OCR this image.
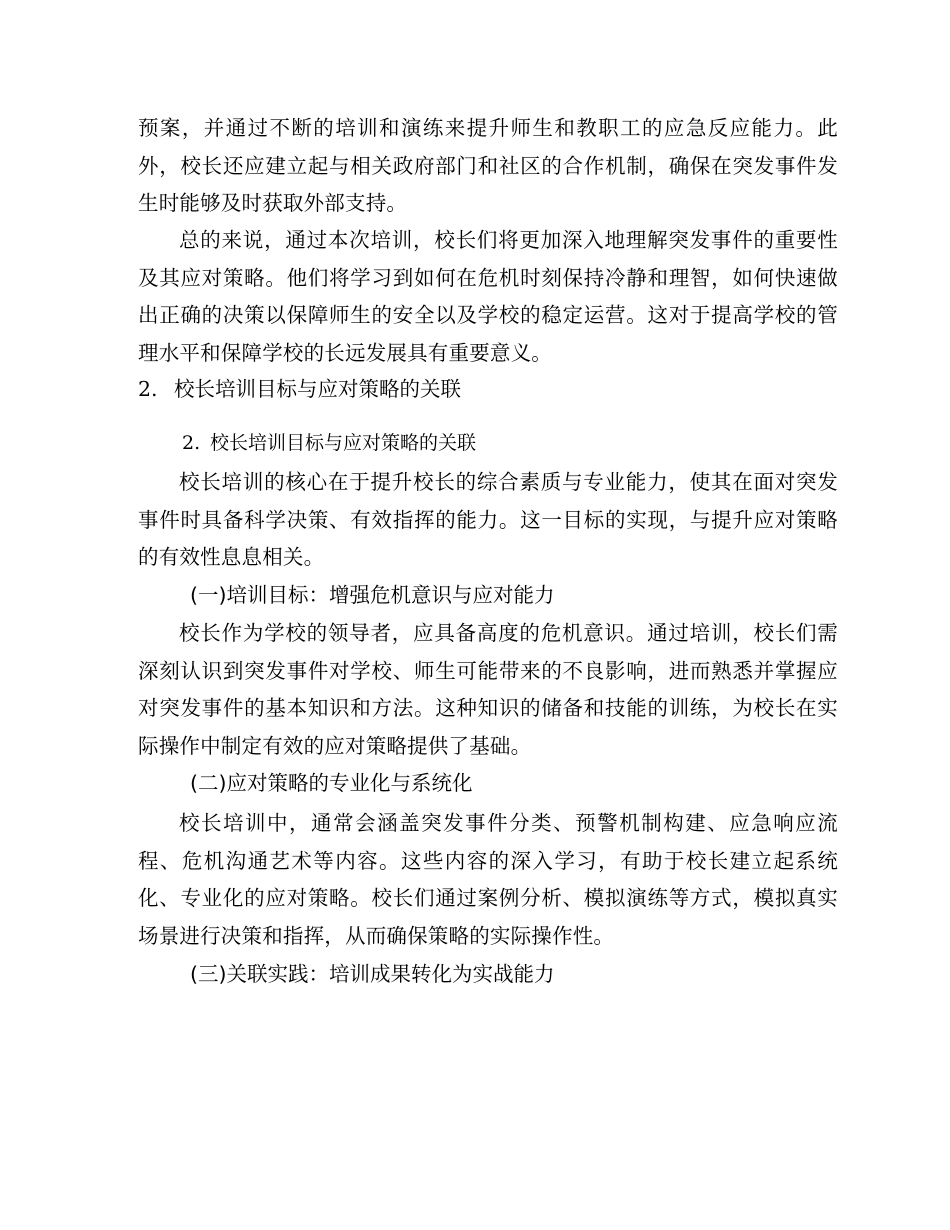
预案，并通过不断的培训和演练来提升师生和教职工的应急反应能力。此外，校长还应建立起与相关政府部门和社区的合作机制，确保在突发事件发生时能够及时获取外部支持。

总的来说，通过本次培训，校长们将更加深入地理解突发事件的重要性及其应对策略。他们将学习到如何在危机时刻保持冷静和理智，如何快速做出正确的决策以保障师生的安全以及学校的稳定运营。这对于提高学校的管理水平和保障学校的长远发展具有重要意义。

2. 校长培训目标与应对策略的关联
2. 校长培训目标与应对策略的关联

校长培训的核心在于提升校长的综合素质与专业能力，使其在面对突发事件时具备科学决策、有效指挥的能力。这一目标的实现，与提升应对策略的有效性息息相关。

(一)培训目标：增强危机意识与应对能力

校长作为学校的领导者，应具备高度的危机意识。通过培训，校长们需深刻认识到突发事件对学校、师生可能带来的不良影响，进而熟悉并掌握应对突发事件的基本知识和方法。这种知识的储备和技能的训练，为校长在实际操作中制定有效的应对策略提供了基础。

(二)应对策略的专业化与系统化

校长培训中，通常会涵盖突发事件分类、预警机制构建、应急响应流程、危机沟通艺术等内容。这些内容的深入学习，有助于校长建立起系统化、专业化的应对策略。校长们通过案例分析、模拟演练等方式，模拟真实场景进行决策和指挥，从而确保策略的实际操作性。

(三)关联实践：培训成果转化为实战能力
